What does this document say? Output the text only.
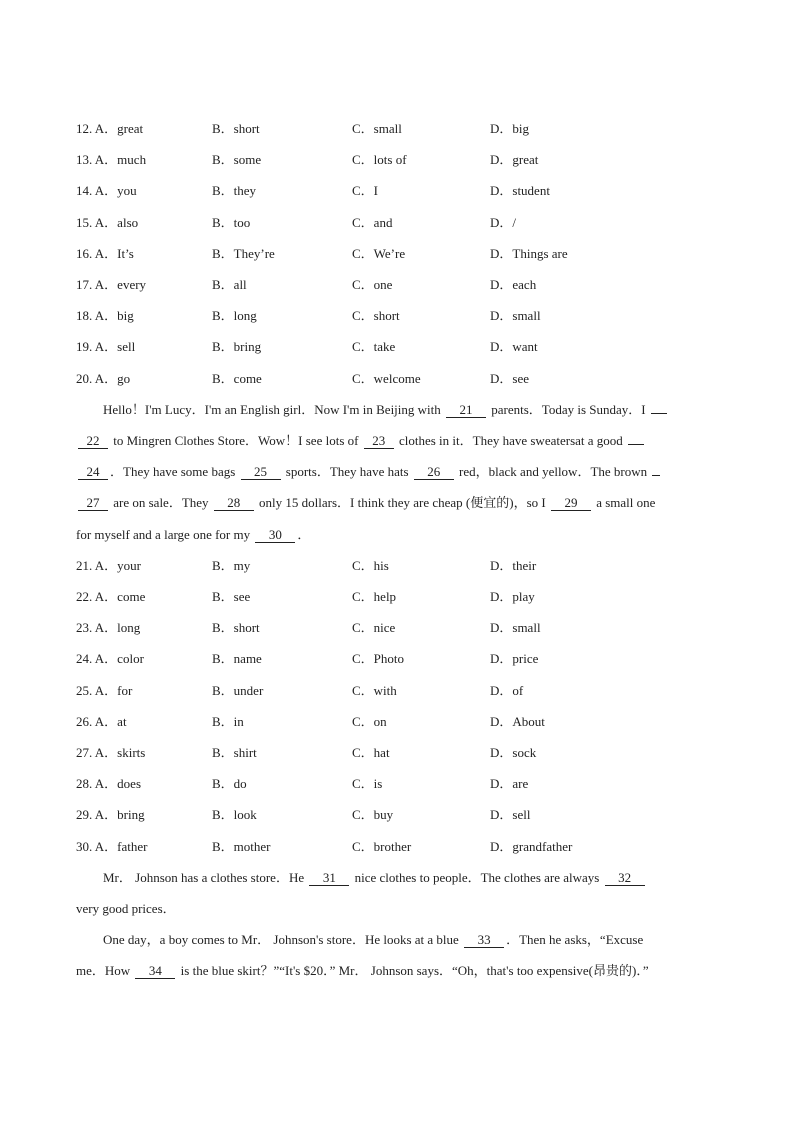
12. A．great	B．short	C．small	D．big
13. A．much	B．some	C．lots of	D．great
14. A．you	B．they	C．I	D．student
15. A．also	B．too	C．and	D．/
16. A．It’s	B．They’re	C．We’re	D．Things are
17. A．every	B．all	C．one	D．each
18. A．big	B．long	C．short	D．small
19. A．sell	B．bring	C．take	D．want
20. A．go	B．come	C．welcome	D．see
Hello！I'm Lucy．I'm an English girl．Now I'm in Beijing with 21 parents．Today is Sunday．I
22 to Mingren Clothes Store．Wow！I see lots of 23 clothes in it．They have sweatersat a good
24 ．They have some bags 25 sports．They have hats 26 red，black and yellow．The brown
27 are on sale．They 28 only 15 dollars．I think they are cheap (便宜的)，so I 29 a small one
for myself and a large one for my 30 ．
21. A．your	B．my	C．his	D．their
22. A．come	B．see	C．help	D．play
23. A．long	B．short	C．nice	D．small
24. A．color	B．name	C．Photo	D．price
25. A．for	B．under	C．with	D．of
26. A．at	B．in	C．on	D．About
27. A．skirts	B．shirt	C．hat	D．sock
28. A．does	B．do	C．is	D．are
29. A．bring	B．look	C．buy	D．sell
30. A．father	B．mother	C．brother	D．grandfather
Mr． Johnson has a clothes store．He 31 nice clothes to people．The clothes are always 32
very good prices．
One day，a boy comes to Mr． Johnson's store．He looks at a blue 33 ．Then he asks，“Excuse
me．How 34 is the blue skirt？”“It's $20．” Mr． Johnson says．“Oh，that's too expensive(昂贵的)．”
